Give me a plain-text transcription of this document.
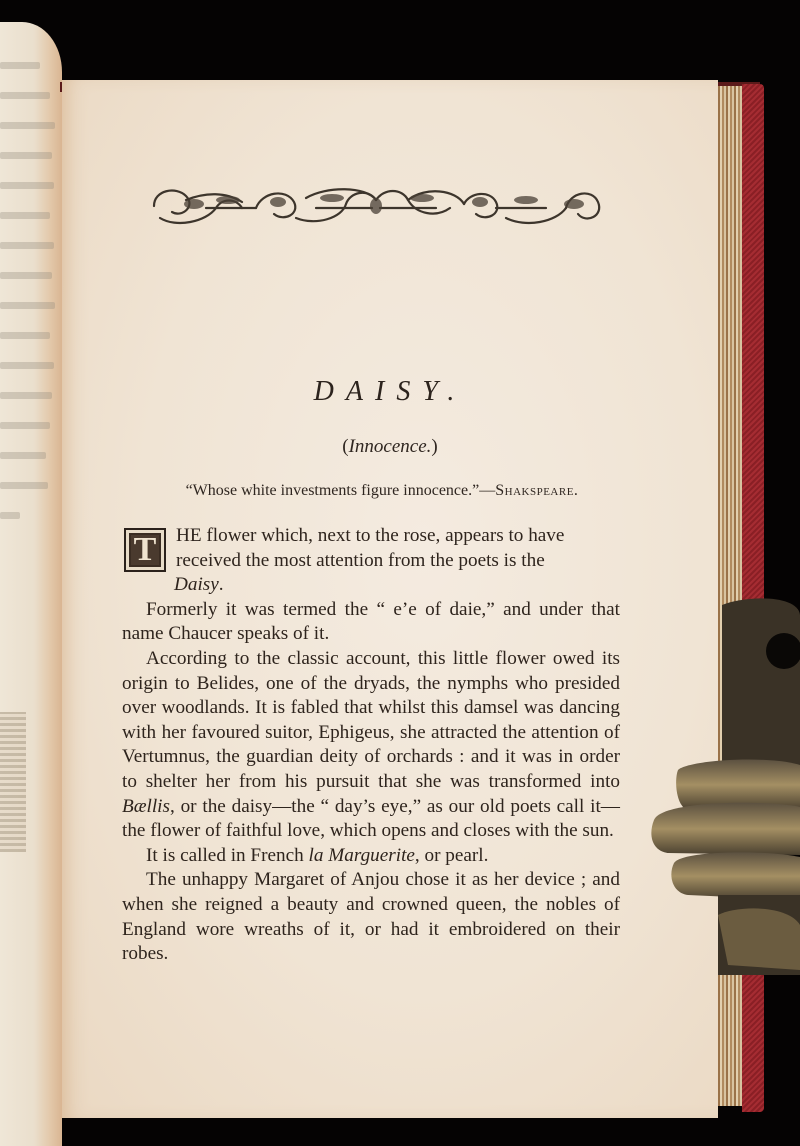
DAISY.
(Innocence.)
“Whose white investments figure innocence.”—Shakspeare.

T	HE flower which, next to the rose, appears to have
received the most attention from the poets is the
Daisy.

Formerly it was termed the “ e’e of daie,” and under that name Chaucer speaks of it.

According to the classic account, this little flower owed its origin to Belides, one of the dryads, the nymphs who presided over woodlands. It is fabled that whilst this damsel was dancing with her favoured suitor, Ephigeus, she attracted the attention of Vertumnus, the guardian deity of orchards : and it was in order to shelter her from his pursuit that she was transformed into Bællis, or the daisy—the “ day’s eye,” as our old poets call it—the flower of faithful love, which opens and closes with the sun.

It is called in French la Marguerite, or pearl.

The unhappy Margaret of Anjou chose it as her device ; and when she reigned a beauty and crowned queen, the nobles of England wore wreaths of it, or had it embroidered on their robes.
